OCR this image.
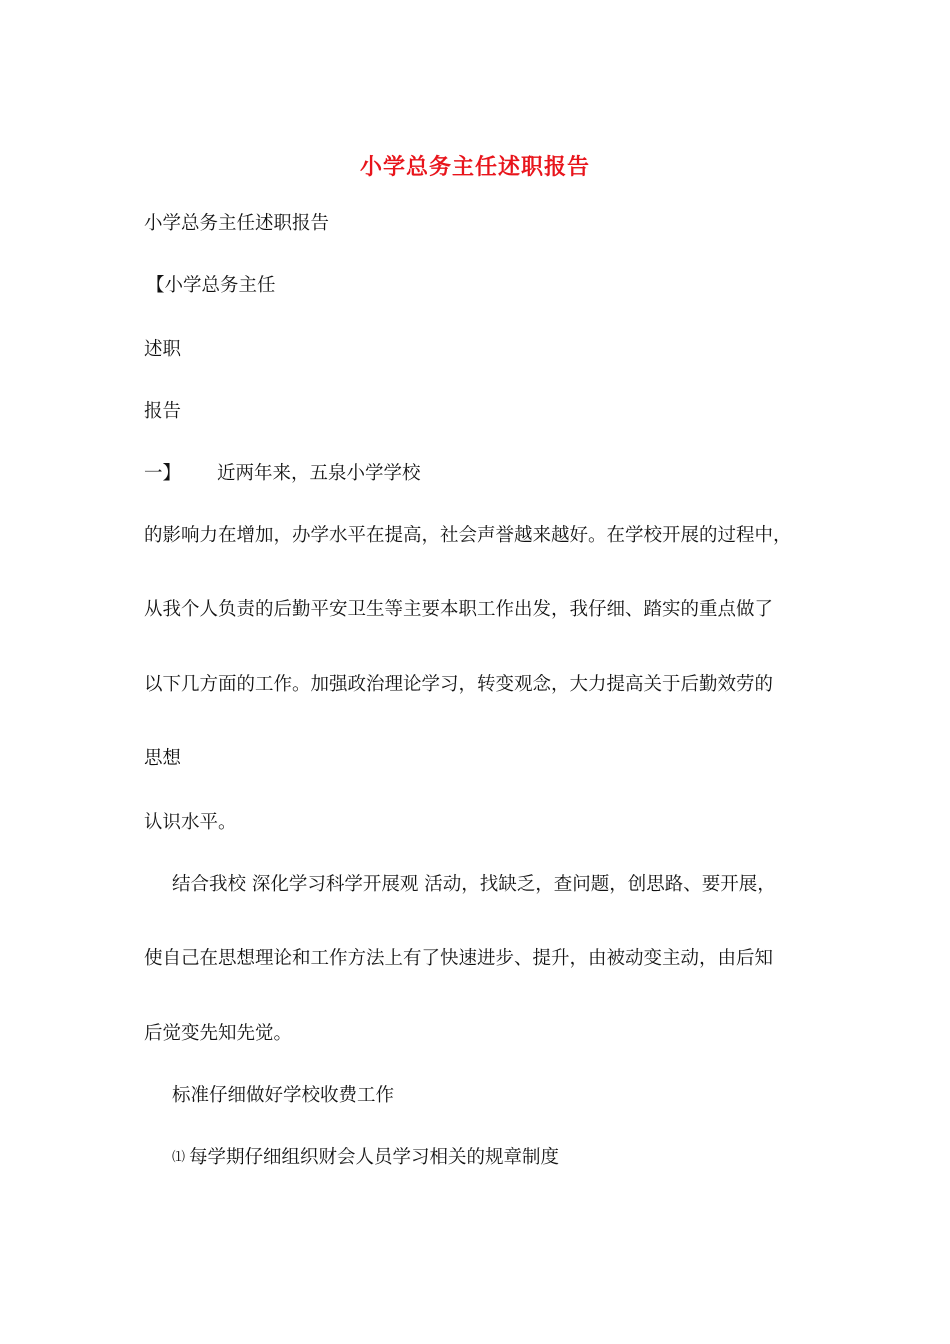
小学总务主任述职报告
小学总务主任述职报告
【小学总务主任
述职
报告
一】 近两年来，五泉小学学校
的影响力在增加，办学水平在提高，社会声誉越来越好。在学校开展的过程中，
从我个人负责的后勤平安卫生等主要本职工作出发，我仔细、踏实的重点做了
以下几方面的工作。加强政治理论学习，转变观念，大力提高关于后勤效劳的
思想
认识水平。
结合我校 深化学习科学开展观 活动，找缺乏，查问题，创思路、要开展，
使自己在思想理论和工作方法上有了快速进步、提升，由被动变主动，由后知
后觉变先知先觉。
标准仔细做好学校收费工作
⑴ 每学期仔细组织财会人员学习相关的规章制度
